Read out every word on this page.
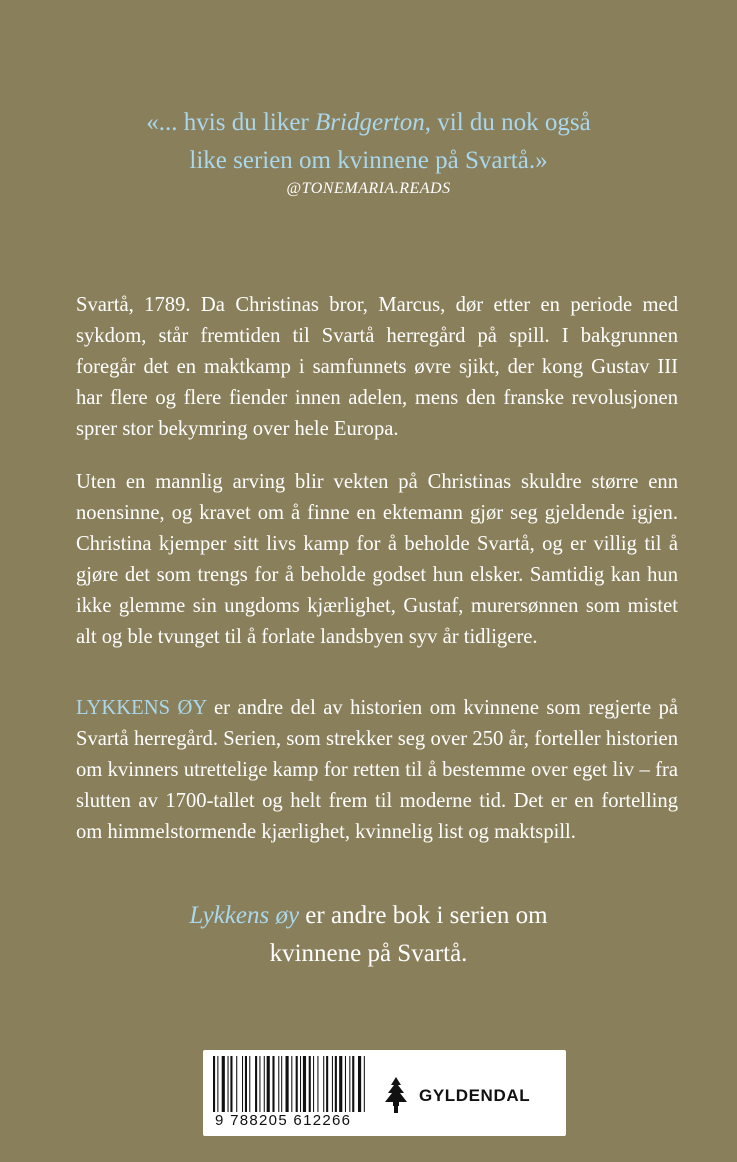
«... hvis du liker Bridgerton, vil du nok også
like serien om kvinnene på Svartå.»
@TONEMARIA.READS
Svartå, 1789. Da Christinas bror, Marcus, dør etter en periode med sykdom, står fremtiden til Svartå herregård på spill. I bakgrunnen foregår det en maktkamp i samfunnets øvre sjikt, der kong Gustav III har flere og flere fiender innen adelen, mens den franske revolusjonen sprer stor bekymring over hele Europa.
Uten en mannlig arving blir vekten på Christinas skuldre større enn noensinne, og kravet om å finne en ektemann gjør seg gjeldende igjen. Christina kjemper sitt livs kamp for å beholde Svartå, og er villig til å gjøre det som trengs for å beholde godset hun elsker. Samtidig kan hun ikke glemme sin ungdoms kjærlighet, Gustaf, murersønnen som mistet alt og ble tvunget til å forlate landsbyen syv år tidligere.
LYKKENS ØY er andre del av historien om kvinnene som regjerte på Svartå herregård. Serien, som strekker seg over 250 år, forteller historien om kvinners utrettelige kamp for retten til å bestemme over eget liv – fra slutten av 1700-tallet og helt frem til moderne tid. Det er en fortelling om himmelstormende kjærlighet, kvinnelig list og maktspill.
Lykkens øy er andre bok i serien om
kvinnene på Svartå.
9 788205 612266
GYLDENDAL
